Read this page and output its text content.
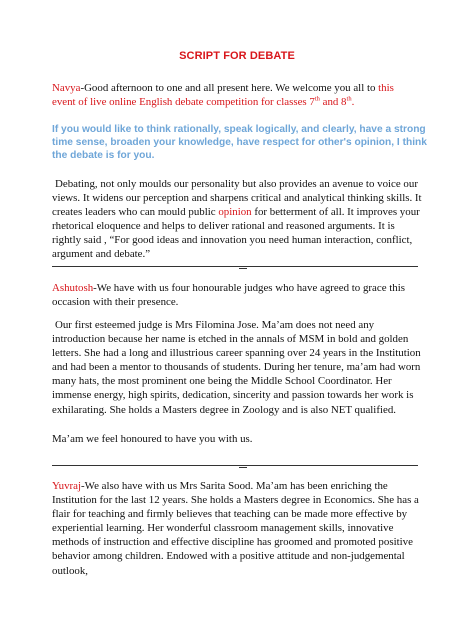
SCRIPT FOR DEBATE

Navya-Good afternoon to one and all present here. We welcome you all to this
event of live online English debate competition for classes 7th and 8th.

If you would like to think rationally, speak logically, and clearly, have a strong time sense, broaden your knowledge, have respect for other's opinion, I think the debate is for you.

Debating, not only moulds our personality but also provides an avenue to voice our views. It widens our perception and sharpens critical and analytical thinking skills. It creates leaders who can mould public opinion for betterment of all. It improves your rhetorical eloquence and helps to deliver rational and reasoned arguments. It is rightly said , “For good ideas and innovation you need human interaction, conflict, argument and debate.”

Ashutosh-We have with us four honourable judges who have agreed to grace this occasion with their presence.

Our first esteemed judge is Mrs Filomina Jose. Ma’am does not need any introduction because her name is etched in the annals of MSM in bold and golden letters. She had a long and illustrious career spanning over 24 years in the Institution and had been a mentor to thousands of students. During her tenure, ma’am had worn many hats, the most prominent one being the Middle School Coordinator. Her immense energy, high spirits, dedication, sincerity and passion towards her work is exhilarating. She holds a Masters degree in Zoology and is also NET qualified.

Ma’am we feel honoured to have you with us.

Yuvraj-We also have with us Mrs Sarita Sood. Ma’am has been enriching the Institution for the last 12 years. She holds a Masters degree in Economics. She has a flair for teaching and firmly believes that teaching can be made more effective by experiential learning. Her wonderful classroom management skills, innovative methods of instruction and effective discipline has groomed and promoted positive behavior among children. Endowed with a positive attitude and non-judgemental outlook,
